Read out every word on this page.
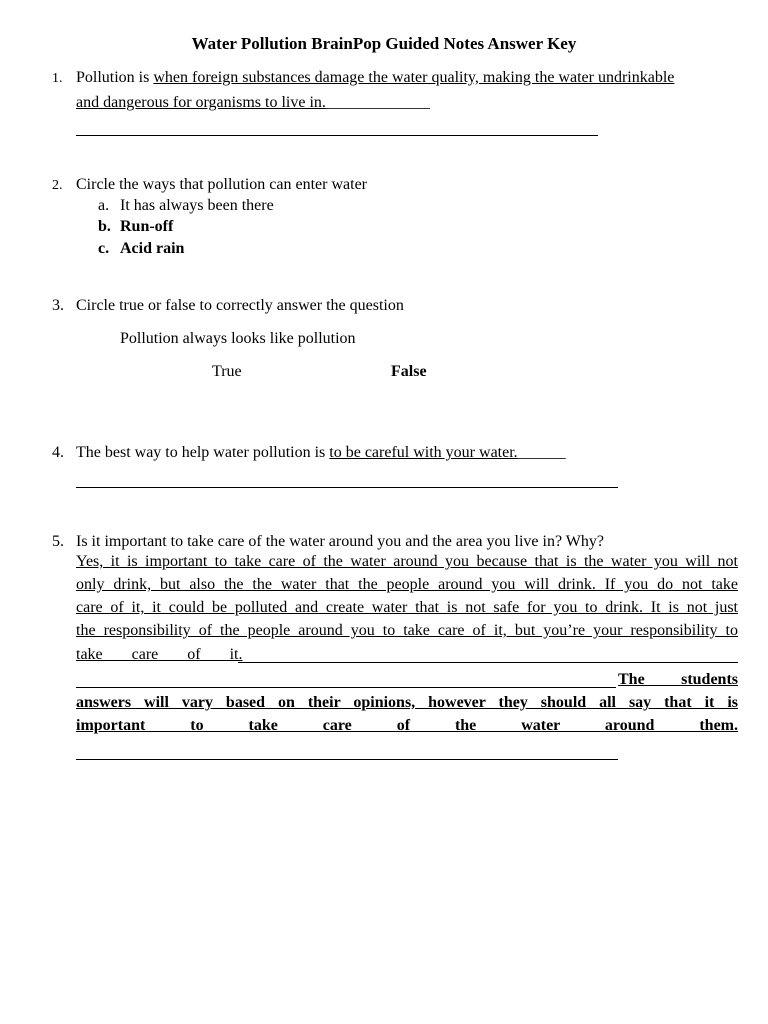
Water Pollution BrainPop Guided Notes Answer Key
1. Pollution is when foreign substances damage the water quality, making the water undrinkable
and dangerous for organisms to live in._____________
2. Circle the ways that pollution can enter water
a. It has always been there
b. Run-off
c. Acid rain
3. Circle true or false to correctly answer the question
Pollution always looks like pollution
True	False
4. The best way to help water pollution is to be careful with your water.______
5. Is it important to take care of the water around you and the area you live in? Why?
Yes, it is important to take care of the water around you because that is the water you will not
only drink, but also the the water that the people around you will drink. If you do not take
care of it, it could be polluted and create water that is not safe for you to drink. It is not just
the responsibility of the people around you to take care of it, but you’re your responsibility to
take care of it.
The students
answers will vary based on their opinions, however they should all say that it is
important to take care of the water around them.
